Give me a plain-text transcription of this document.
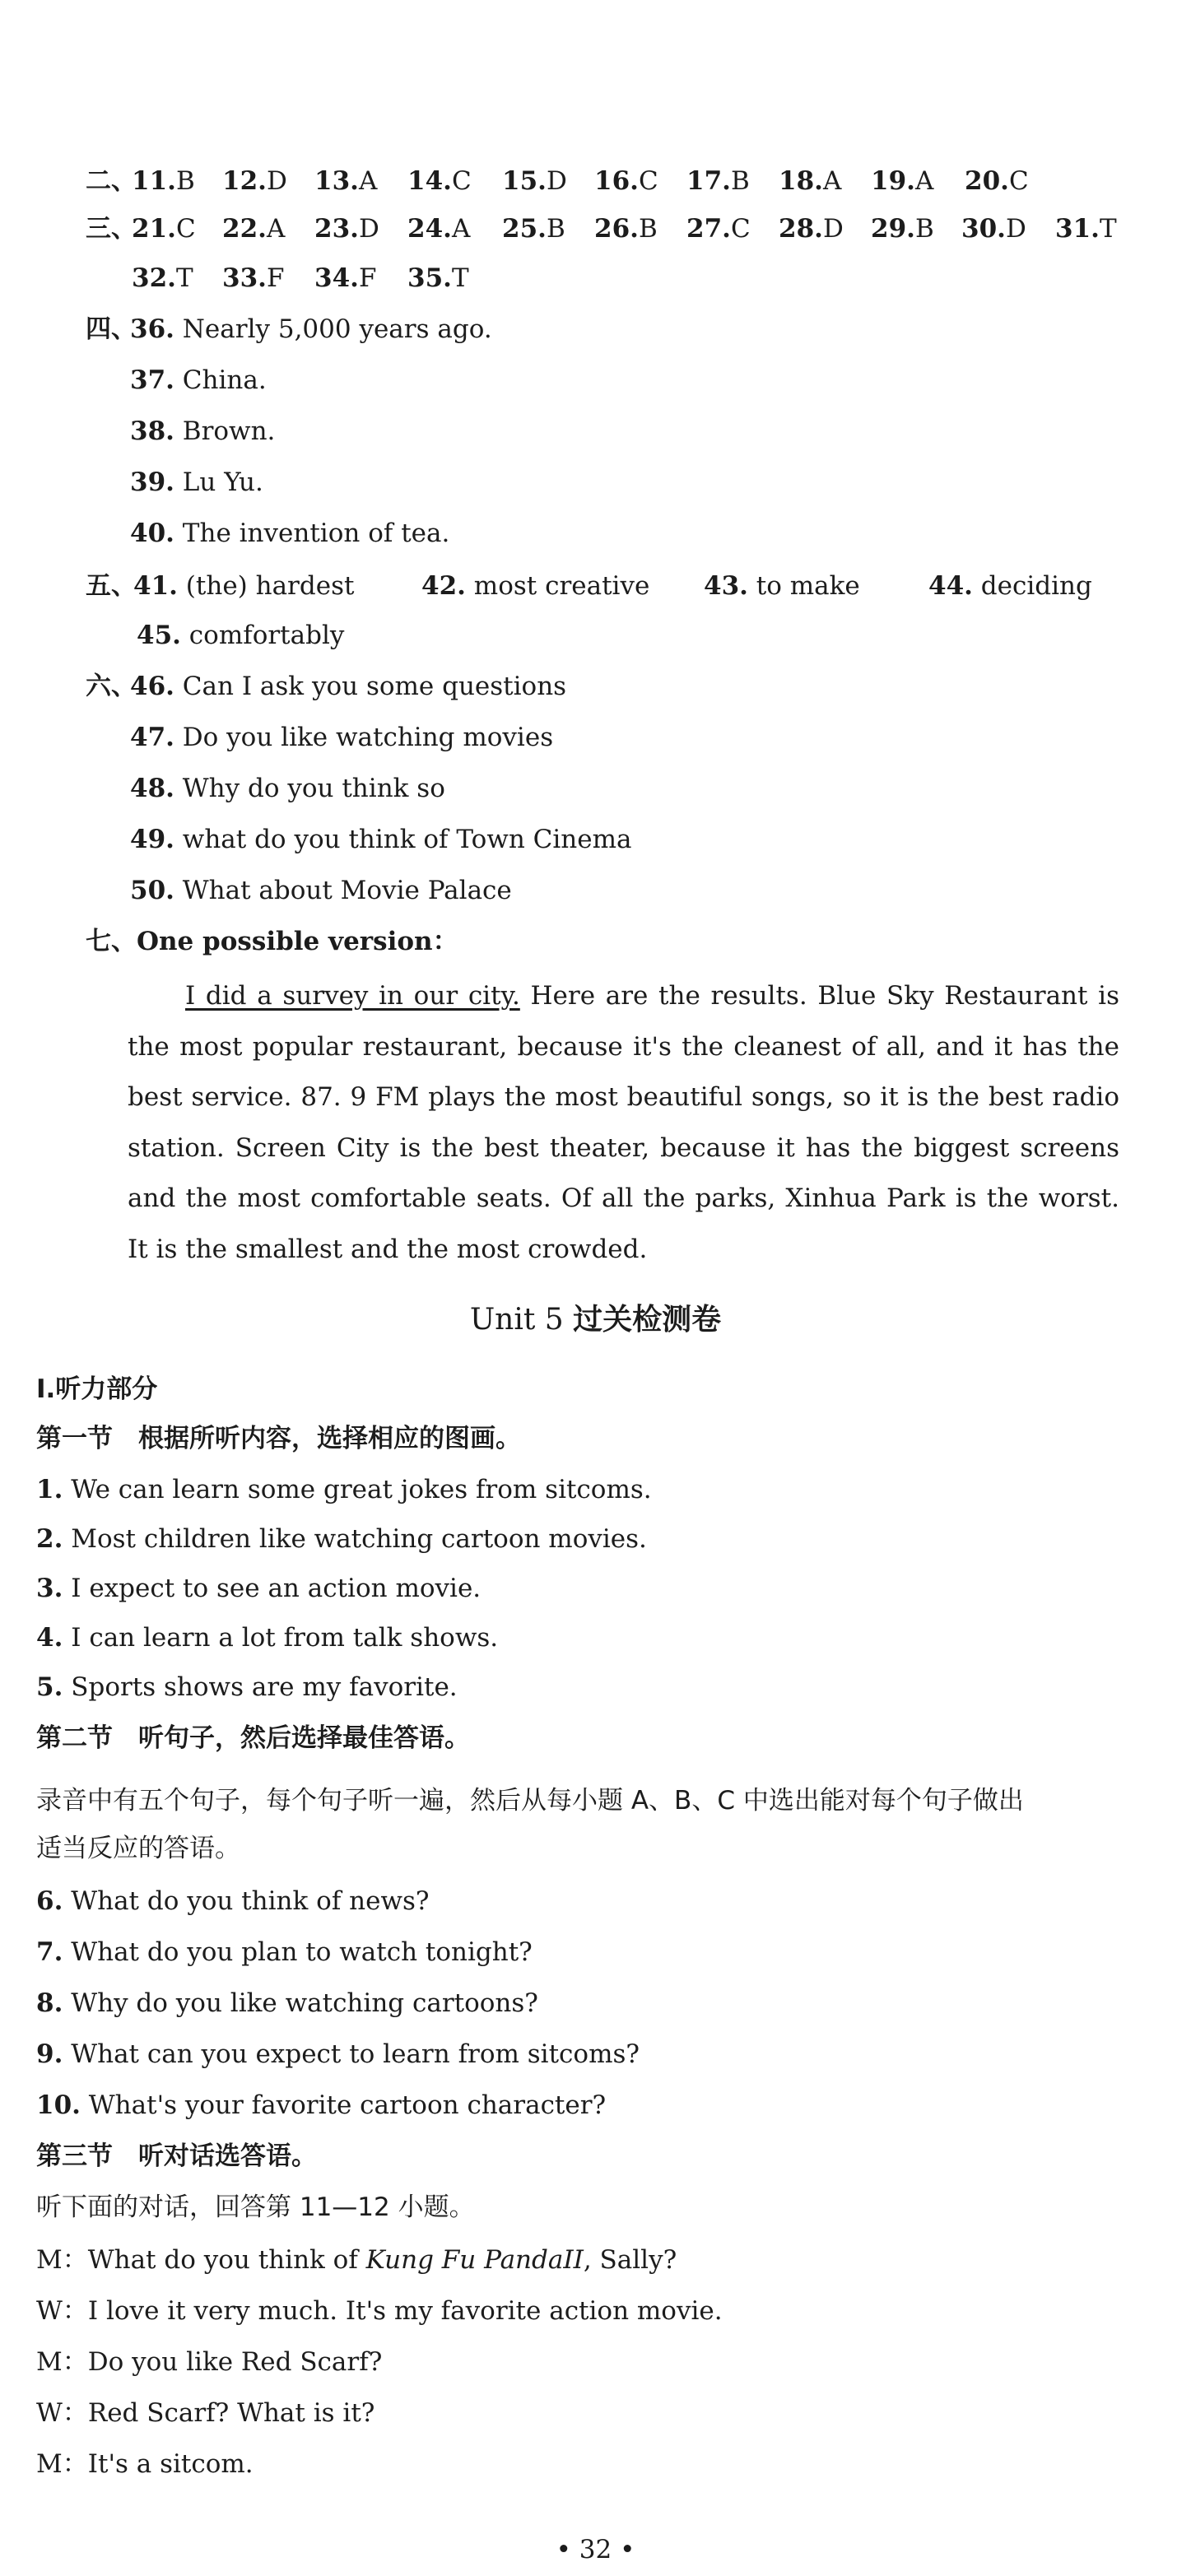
二、
11.B 12.D 13.A 14.C 15.D 16.C 17.B 18.A 19.A 20.C
三、
21.C 22.A 23.D 24.A 25.B 26.B 27.C 28.D 29.B 30.D 31.T
32.T 33.F 34.F 35.T
四、
36. Nearly 5,000 years ago.
37. China.
38. Brown.
39. Lu Yu.
40. The invention of tea.
五、
41. (the) hardest	42. most creative 43. to make	44. deciding
45. comfortably
六、
46. Can I ask you some questions
47. Do you like watching movies
48. Why do you think so
49. what do you think of Town Cinema
50. What about Movie Palace
七、One possible version：
I did a survey in our city. Here are the results. Blue Sky Restaurant is the most popular restaurant, because it's the cleanest of all, and it has the best service. 87. 9 FM plays the most beautiful songs, so it is the best radio station. Screen City is the best theater, because it has the biggest screens and the most comfortable seats. Of all the parks, Xinhua Park is the worst. It is the smallest and the most crowded.
Unit 5 过关检测卷
Ⅰ.听力部分
第一节　根据所听内容，选择相应的图画。
1. We can learn some great jokes from sitcoms.
2. Most children like watching cartoon movies.
3. I expect to see an action movie.
4. I can learn a lot from talk shows.
5. Sports shows are my favorite.
第二节　听句子，然后选择最佳答语。
录音中有五个句子，每个句子听一遍，然后从每小题 A、B、C 中选出能对每个句子做出
适当反应的答语。
6. What do you think of news?
7. What do you plan to watch tonight?
8. Why do you like watching cartoons?
9. What can you expect to learn from sitcoms?
10. What's your favorite cartoon character?
第三节　听对话选答语。
听下面的对话，回答第 11—12 小题。
M：What do you think of Kung Fu PandaII, Sally?
W：I love it very much. It's my favorite action movie.
M：Do you like Red Scarf?
W：Red Scarf? What is it?
M：It's a sitcom.
• 32 •
